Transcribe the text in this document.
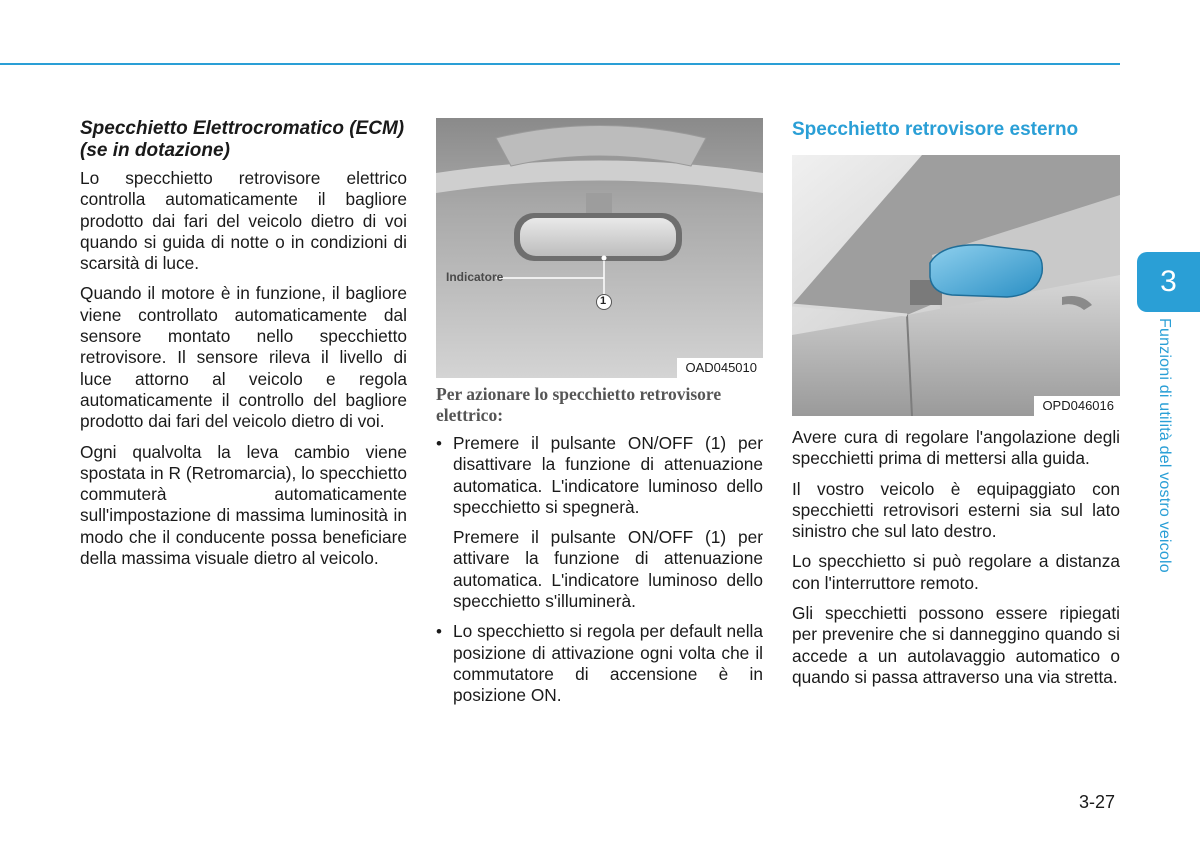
Specchietto Elettrocromatico (ECM) (se in dotazione)

Lo specchietto retrovisore elettrico controlla automaticamente il bagliore prodotto dai fari del veicolo dietro di voi quando si guida di notte o in condizioni di scarsità di luce.

Quando il motore è in funzione, il bagliore viene controllato automaticamente dal sensore montato nello specchietto retrovisore. Il sensore rileva il livello di luce attorno al veicolo e regola automaticamente il controllo del bagliore prodotto dai fari del veicolo dietro di voi.

Ogni qualvolta la leva cambio viene spostata in R (Retromarcia), lo specchietto commuterà automaticamente sull'impostazione di massima luminosità in modo che il conducente possa beneficiare della massima visuale dietro al veicolo.

Indicatore
1
OAD045010
Per azionare lo specchietto retrovisore elettrico:
• Premere il pulsante ON/OFF (1) per disattivare la funzione di attenuazione automatica. L'indicatore luminoso dello specchietto si spegnerà.

Premere il pulsante ON/OFF (1) per attivare la funzione di attenuazione automatica. L'indicatore luminoso dello specchietto s'illuminerà.

• Lo specchietto si regola per default nella posizione di attivazione ogni volta che il commutatore di accensione è in posizione ON.

Specchietto retrovisore esterno
OPD046016

Avere cura di regolare l'angolazione degli specchietti prima di mettersi alla guida.

Il vostro veicolo è equipaggiato con specchietti retrovisori esterni sia sul lato sinistro che sul lato destro.

Lo specchietto si può regolare a distanza con l'interruttore remoto.

Gli specchietti possono essere ripiegati per prevenire che si danneggino quando si accede a un autolavaggio automatico o quando si passa attraverso una via stretta.

3
Funzioni di utilità del vostro veicolo
3-27
